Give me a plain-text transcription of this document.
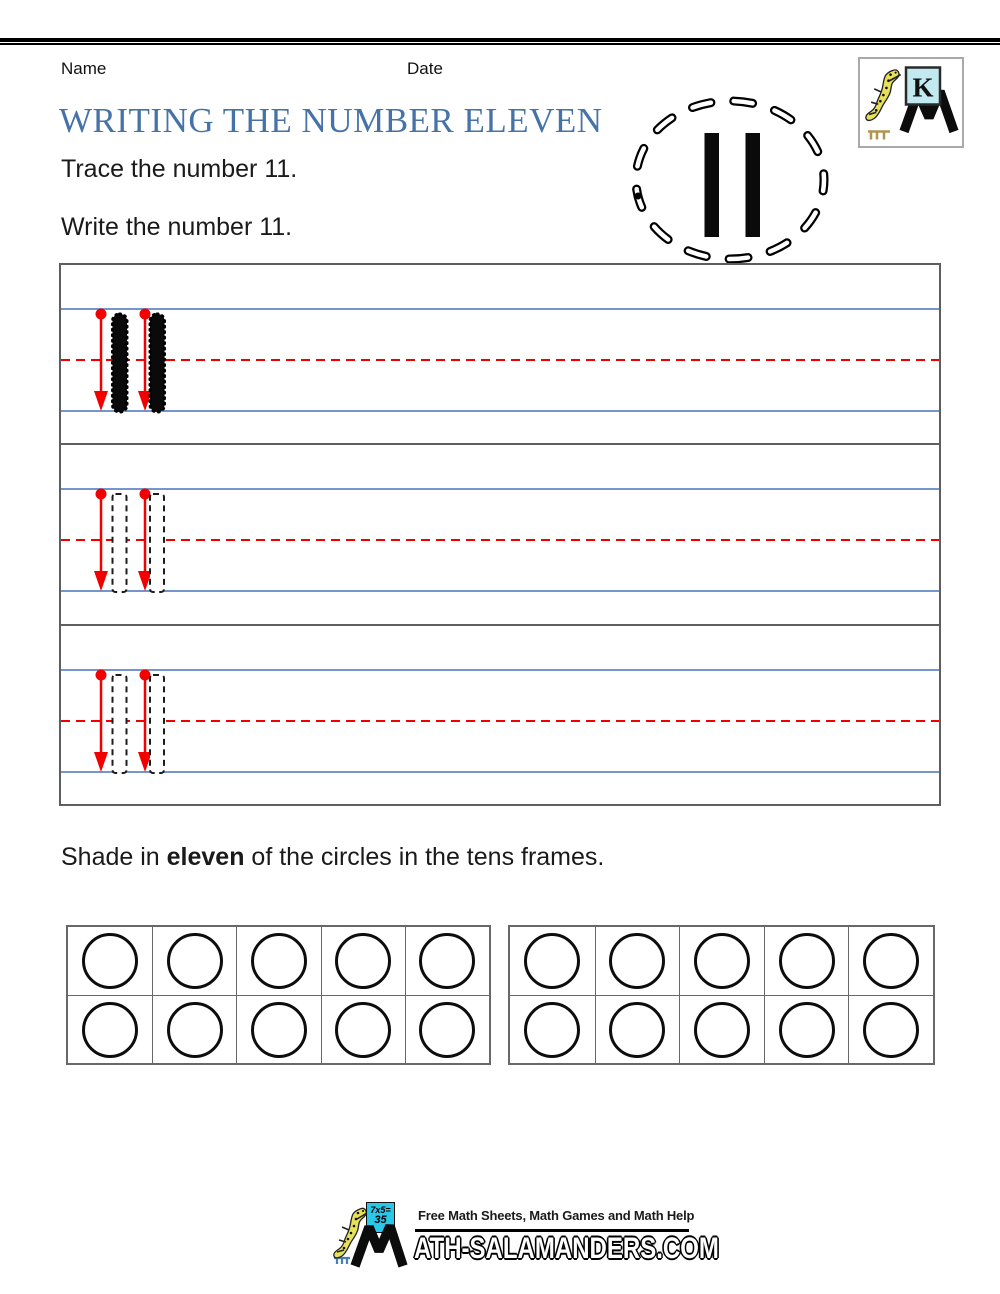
Name	Date
K
WRITING THE NUMBER ELEVEN

Trace the number 11.

Write the number 11.

Shade in eleven of the circles in the tens frames.

7x5=
35	Free Math Sheets, Math Games and Math Help
ATH-SALAMANDERS.COM
